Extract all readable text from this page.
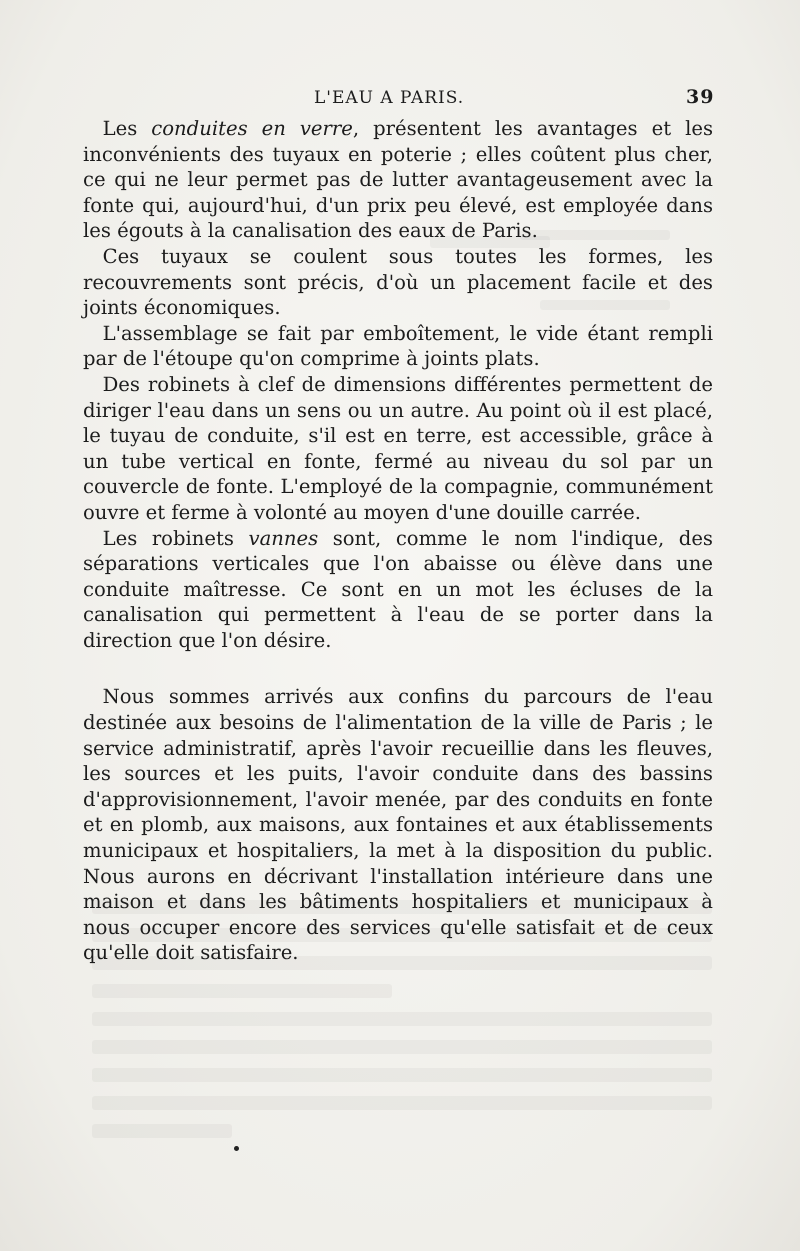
L'EAU A PARIS.	39

 Les conduites en verre, présentent les avantages et les inconvénients des tuyaux en poterie ; elles coûtent plus cher, ce qui ne leur permet pas de lutter avantageusement avec la fonte qui, aujourd'hui, d'un prix peu élevé, est employée dans les égouts à la canalisation des eaux de Paris.

 Ces tuyaux se coulent sous toutes les formes, les recouvrements sont précis, d'où un placement facile et des joints économiques.

 L'assemblage se fait par emboîtement, le vide étant rempli par de l'étoupe qu'on comprime à joints plats.

 Des robinets à clef de dimensions différentes permettent de diriger l'eau dans un sens ou un autre. Au point où il est placé, le tuyau de conduite, s'il est en terre, est accessible, grâce à un tube vertical en fonte, fermé au niveau du sol par un couvercle de fonte. L'employé de la compagnie, communément ouvre et ferme à volonté au moyen d'une douille carrée.

 Les robinets vannes sont, comme le nom l'indique, des séparations verticales que l'on abaisse ou élève dans une conduite maîtresse. Ce sont en un mot les écluses de la canalisation qui permettent à l'eau de se porter dans la direction que l'on désire.

 Nous sommes arrivés aux confins du parcours de l'eau destinée aux besoins de l'alimentation de la ville de Paris ; le service administratif, après l'avoir recueillie dans les fleuves, les sources et les puits, l'avoir conduite dans des bassins d'approvisionnement, l'avoir menée, par des conduits en fonte et en plomb, aux maisons, aux fontaines et aux établissements municipaux et hospitaliers, la met à la disposition du public. Nous aurons en décrivant l'installation intérieure dans une maison et dans les bâtiments hospitaliers et municipaux à nous occuper encore des services qu'elle satisfait et de ceux qu'elle doit satisfaire.
